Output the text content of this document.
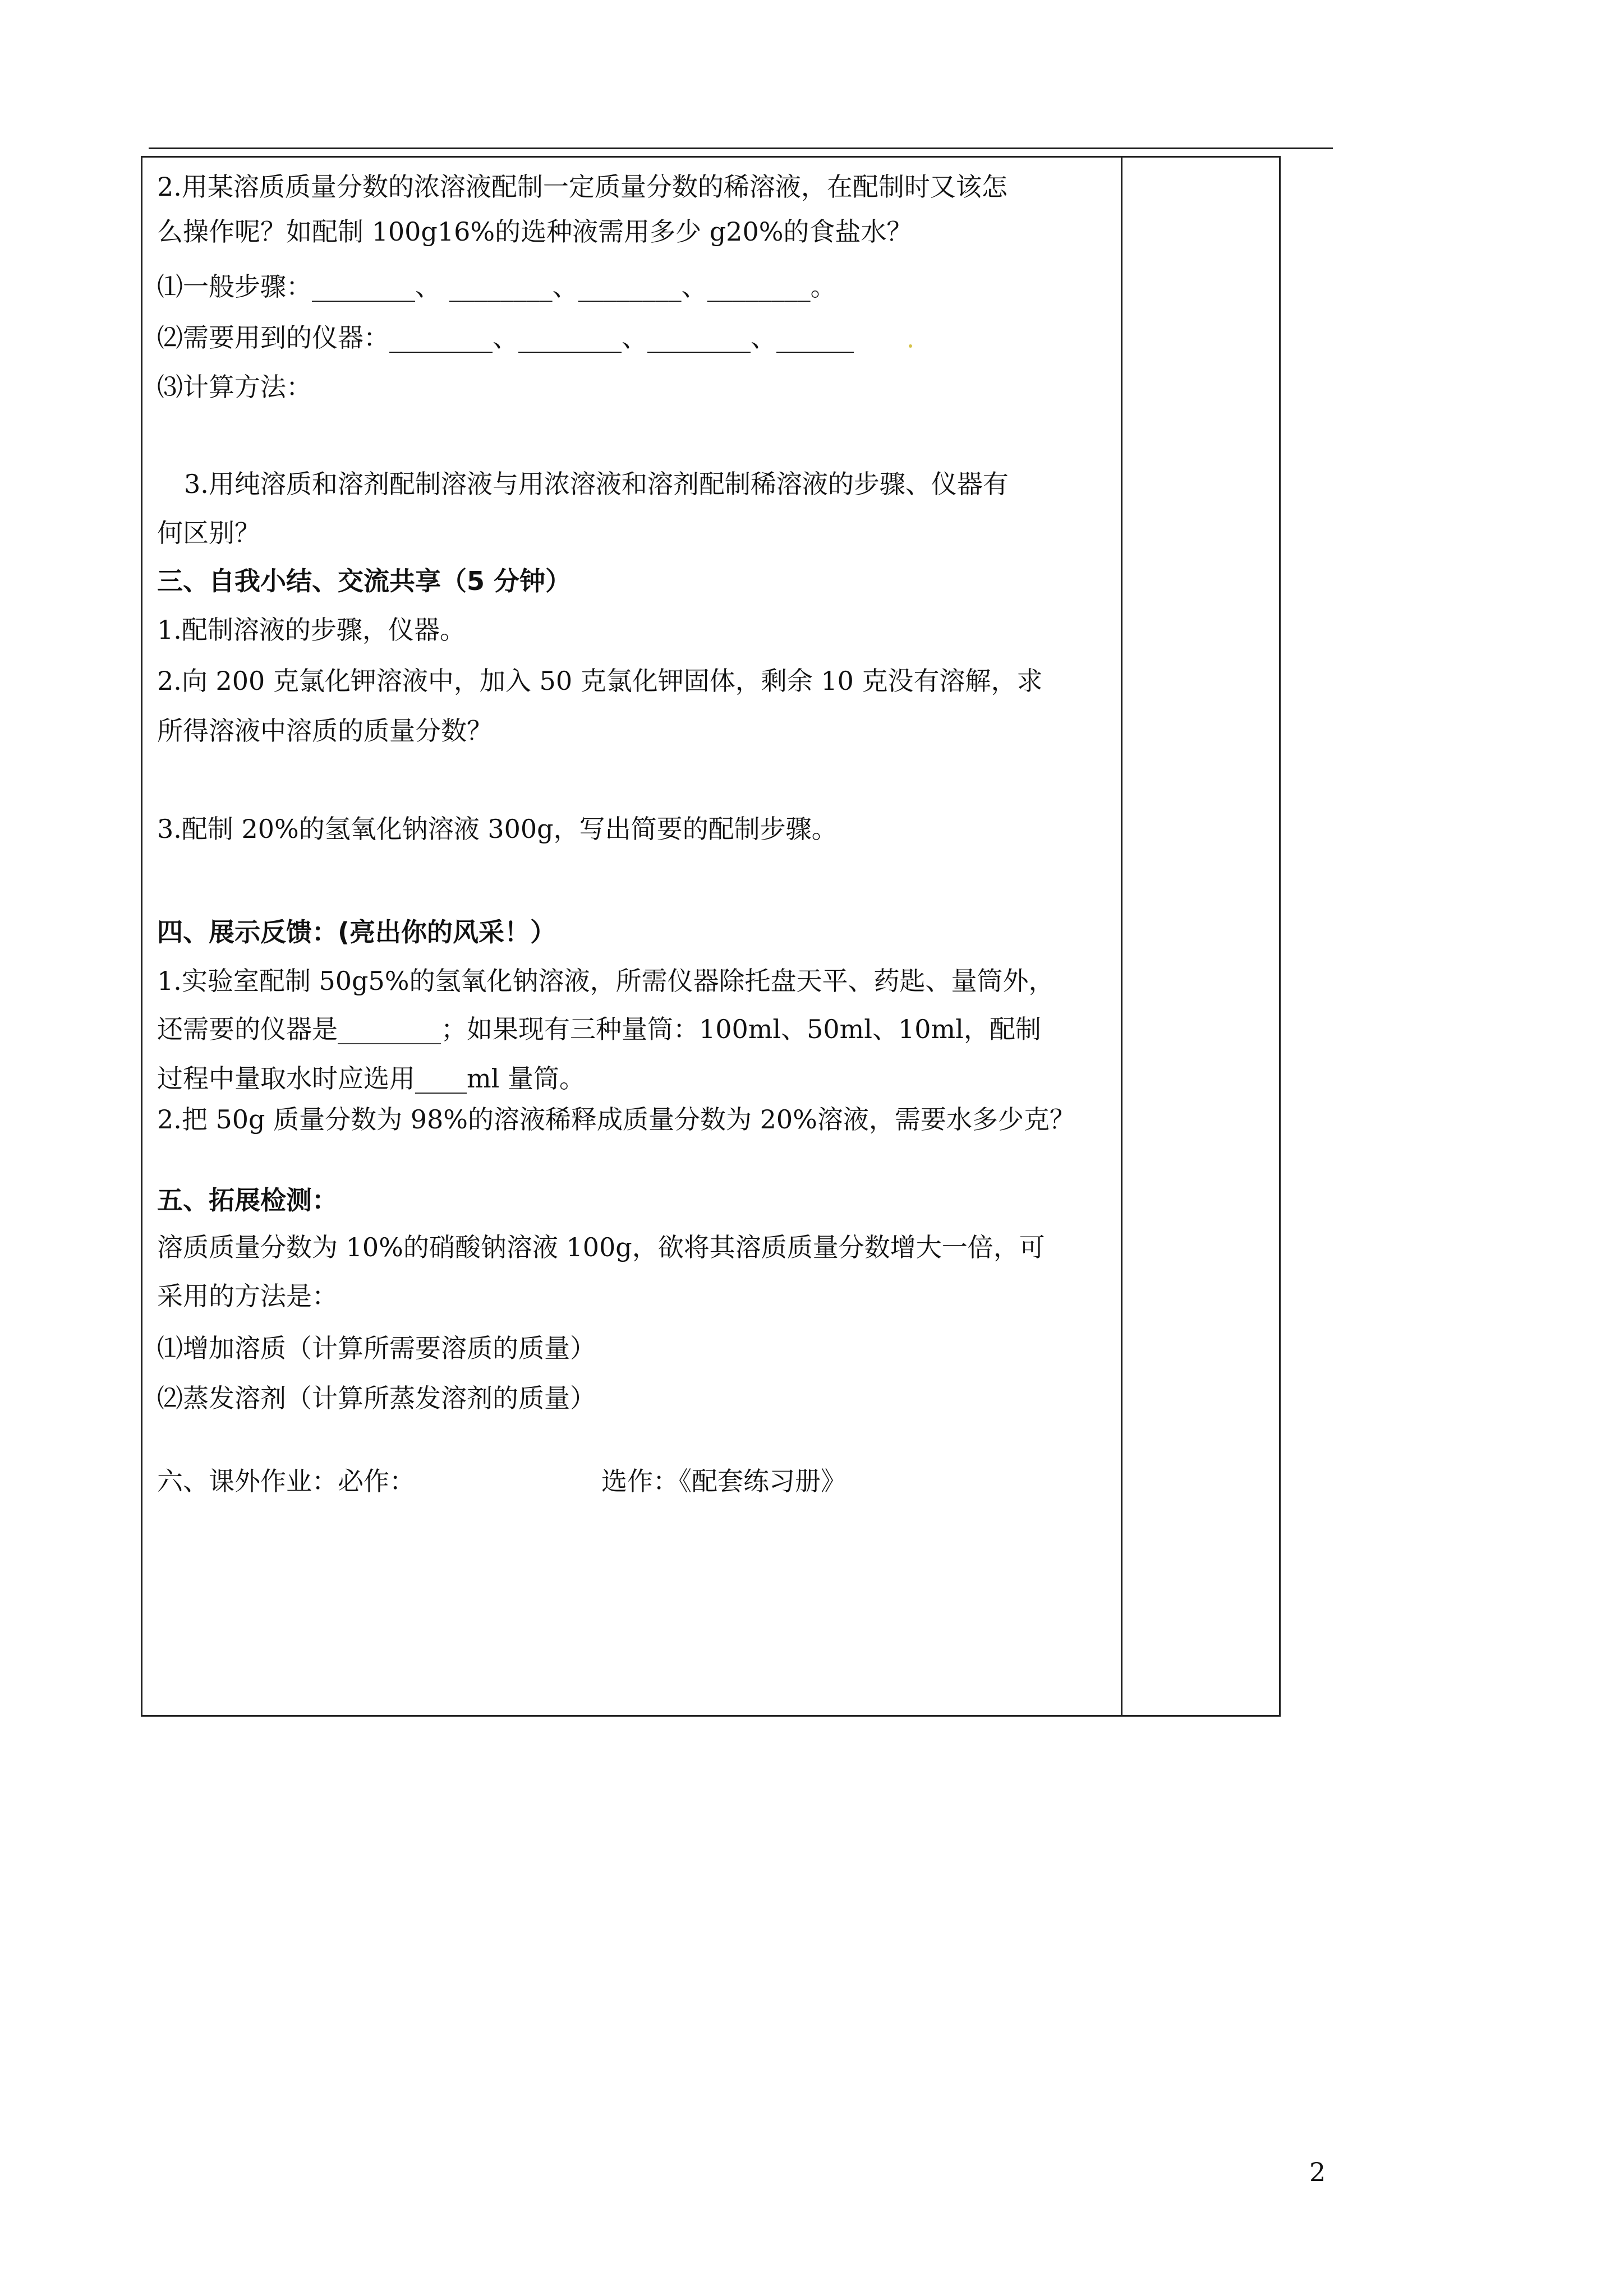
2.用某溶质质量分数的浓溶液配制一定质量分数的稀溶液，在配制时又该怎
么操作呢？如配制 100g16%的选种液需用多少 g20%的食盐水？
⑴一般步骤：________、 ________、________、________。
⑵需要用到的仪器：________、________、________、______
⑶计算方法：
3.用纯溶质和溶剂配制溶液与用浓溶液和溶剂配制稀溶液的步骤、仪器有
何区别？
三、自我小结、交流共享（5 分钟）
1.配制溶液的步骤，仪器。
2.向 200 克氯化钾溶液中，加入 50 克氯化钾固体，剩余 10 克没有溶解，求
所得溶液中溶质的质量分数？
3.配制 20%的氢氧化钠溶液 300g，写出简要的配制步骤。
四、展示反馈：(亮出你的风采！）
1.实验室配制 50g5%的氢氧化钠溶液，所需仪器除托盘天平、药匙、量筒外，
还需要的仪器是________；如果现有三种量筒：100ml、50ml、10ml，配制
过程中量取水时应选用____ml 量筒。
2.把 50g 质量分数为 98%的溶液稀释成质量分数为 20%溶液，需要水多少克？
五、拓展检测：
溶质质量分数为 10%的硝酸钠溶液 100g，欲将其溶质质量分数增大一倍，可
采用的方法是：
⑴增加溶质（计算所需要溶质的质量）
⑵蒸发溶剂（计算所蒸发溶剂的质量）
六、课外作业：必作：	选作：《配套练习册》
2
